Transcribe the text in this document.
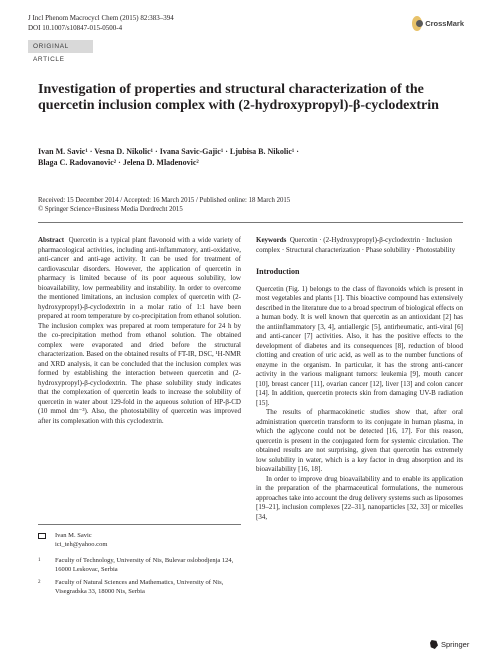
J Incl Phenom Macrocycl Chem (2015) 82:383–394
DOI 10.1007/s10847-015-0500-4	CrossMark
ORIGINAL ARTICLE
Investigation of properties and structural characterization of the quercetin inclusion complex with (2-hydroxypropyl)-β-cyclodextrin
Ivan M. Savic¹ · Vesna D. Nikolic¹ · Ivana Savic-Gajic¹ · Ljubisa B. Nikolic¹ ·
Blaga C. Radovanovic² · Jelena D. Mladenovic²
Received: 15 December 2014 / Accepted: 16 March 2015 / Published online: 18 March 2015
© Springer Science+Business Media Dordrecht 2015

Abstract Quercetin is a typical plant flavonoid with a wide variety of pharmacological activities, including anti-inflammatory, anti-oxidative, anti-cancer and anti-age activity. It can be used for treatment of cardiovascular disorders. However, the application of quercetin in pharmacy is limited because of its poor aqueous solubility, low bioavailability, low permeability and instability. In order to overcome the mentioned limitations, an inclusion complex of quercetin with (2-hydroxypropyl)-β-cyclodextrin in a molar ratio of 1:1 have been prepared at room temperature by co-precipitation from ethanol solution. The inclusion complex was prepared at room temperature for 24 h by the co-precipitation method from ethanol solution. The obtained complex were evaporated and dried before the structural characterization. Based on the obtained results of FT-IR, DSC, ¹H-NMR and XRD analysis, it can be concluded that the inclusion complex was formed by establishing the interaction between quercetin and (2-hydroxypropyl)-β-cyclodextrin. The phase solubility study indicates that the complexation of quercetin leads to increase the solubility of quercetin in water about 129-fold in the aqueous solution of HP-β-CD (10 mmol dm⁻³). Also, the photostability of quercetin was improved after its complexation with this cyclodextrin.

Keywords Quercetin · (2-Hydroxypropyl)-β-cyclodextrin · Inclusion complex · Structural characterization · Phase solubility · Photostability

Introduction

Quercetin (Fig. 1) belongs to the class of flavonoids which is present in most vegetables and plants [1]. This bioactive compound has extensively described in the literature due to a broad spectrum of biological effects on a human body. It is well known that quercetin as an antioxidant [2] has the antiinflammatory [3, 4], antiallergic [5], antirheumatic, anti-viral [6] and anti-cancer [7] activities. Also, it has the positive effects to the development of diabetes and its consequences [8], reduction of blood clotting and creation of uric acid, as well as to the number functions of enzyme in the organism. In particular, it has the strong anti-cancer activity in the various malignant tumors: leukemia [9], mouth cancer [10], breast cancer [11], ovarian cancer [12], liver [13] and colon cancer [14]. In addition, quercetin protects skin from damaging UV-B radiation [15].

The results of pharmacokinetic studies show that, after oral administration quercetin transform to its conjugate in human plasma, in which the aglycone could not be detected [16, 17]. For this reason, quercetin is present in the conjugated form for systemic circulation. The obtained results are not surprising, given that quercetin has extremely low solubility in water, which is a key factor in drug absorption and its bioavailability [16, 18].

In order to improve drug bioavailability and to enable its application in the preparation of the pharmaceutical formulations, the numerous approaches take into account the drug delivery systems such as liposomes [19–21], inclusion complexes [22–31], nanoparticles [32, 33] or micelles [34,

Ivan M. Savic
ici_teh@yahoo.com
1 Faculty of Technology, University of Nis, Bulevar oslobodjenja 124, 16000 Leskovac, Serbia
2 Faculty of Natural Sciences and Mathematics, University of Nis, Visegradska 33, 18000 Nis, Serbia
Springer
